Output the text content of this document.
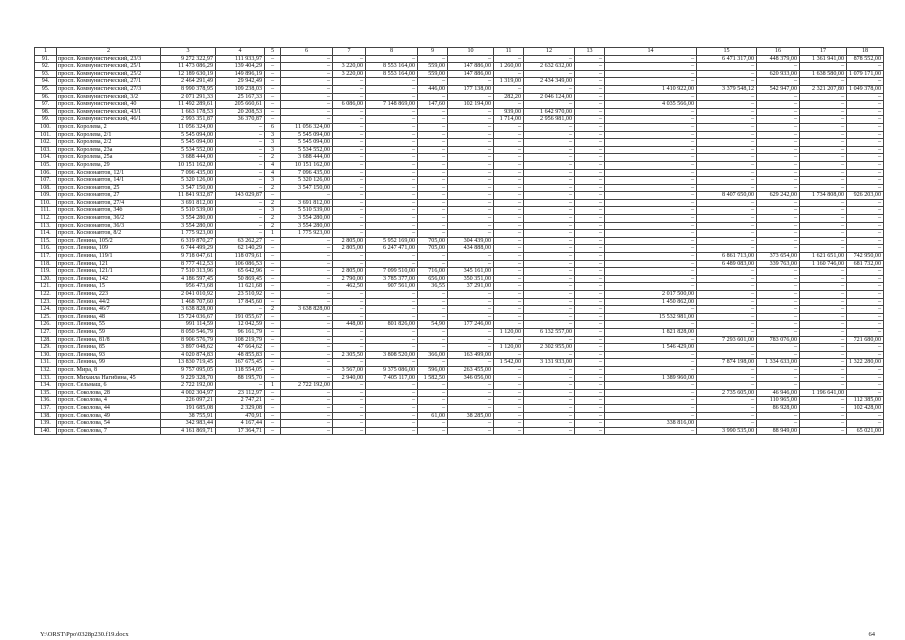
1	2	3	4	5	6	7	8	9	10	11	12	13	14	15	16	17	18
91.	просп. Коммунистический, 23/3	9 272 322,97	111 933,97	–	–	–	–	–	–	–	–	–	–	6 471 317,00	448 379,00	1 361 941,00	878 552,00
92.	просп. Коммунистический, 25/1	11 473 086,29	139 404,29	–	–	3 220,00	8 553 164,00	559,00	147 886,00	1 260,00	2 632 632,00	–	–	–	–	–	–
93.	просп. Коммунистический, 25/2	12 189 630,19	149 896,19	–	–	3 220,00	8 553 164,00	559,00	147 886,00	–	–	–	–	–	620 933,00	1 638 580,00	1 079 171,00
94.	просп. Коммунистический, 27/1	2 464 291,49	29 942,49	–	–	–	–	–	–	1 319,00	2 434 349,00	–	–	–	–	–	–
95.	просп. Коммунистический, 27/3	8 990 378,95	109 238,03	–	–	–	–	446,00	177 138,00	–	–	–	1 410 922,00	3 379 548,12	542 947,00	2 321 207,80	1 049 378,00
96.	просп. Коммунистический, 3/2	2 071 291,33	25 167,33	–	–	–	–	–	–	282,20	2 046 124,00	–	–	–	–	–	–
97.	просп. Коммунистический, 40	11 492 289,61	205 660,61	–	–	6 086,00	7 148 869,00	147,60	102 194,00	–	–	–	4 035 566,00	–	–	–	–
98.	просп. Коммунистический, 43/1	1 663 178,53	20 208,53	–	–	–	–	–	–	939,00	1 642 970,00	–	–	–	–	–	–
99.	просп. Коммунистический, 46/1	2 993 351,87	36 370,87	–	–	–	–	–	–	1 714,00	2 956 981,00	–	–	–	–	–	–
100.	просп. Королева, 2	11 056 324,00	–	6	11 056 324,00	–	–	–	–	–	–	–	–	–	–	–	–
101.	просп. Королева, 2/1	5 545 094,00	–	3	5 545 094,00	–	–	–	–	–	–	–	–	–	–	–	–
102.	просп. Королева, 2/2	5 545 094,00	–	3	5 545 094,00	–	–	–	–	–	–	–	–	–	–	–	–
103.	просп. Королева, 23а	5 534 552,00	–	3	5 534 552,00	–	–	–	–	–	–	–	–	–	–	–	–
104.	просп. Королева, 25а	3 688 444,00	–	2	3 688 444,00	–	–	–	–	–	–	–	–	–	–	–	–
105.	просп. Королева, 29	10 151 162,00	–	4	10 151 162,00	–	–	–	–	–	–	–	–	–	–	–	–
106.	просп. Космонавтов, 12/1	7 096 435,00	–	4	7 096 435,00	–	–	–	–	–	–	–	–	–	–	–	–
107.	просп. Космонавтов, 14/1	5 320 126,00	–	3	5 320 126,00	–	–	–	–	–	–	–	–	–	–	–	–
108.	просп. Космонавтов, 25	3 547 150,00	–	2	3 547 150,00	–	–	–	–	–	–	–	–	–	–	–	–
109.	просп. Космонавтов, 27	11 841 932,87	143 029,87	–	–	–	–	–	–	–	–	–	–	8 407 650,00	629 242,00	1 734 808,00	926 203,00
110.	просп. Космонавтов, 27/4	3 691 812,00	–	2	3 691 812,00	–	–	–	–	–	–	–	–	–	–	–	–
111.	просп. Космонавтов, 34б	5 510 539,00	–	3	5 510 539,00	–	–	–	–	–	–	–	–	–	–	–	–
112.	просп. Космонавтов, 36/2	3 554 280,00	–	2	3 554 280,00	–	–	–	–	–	–	–	–	–	–	–	–
113.	просп. Космонавтов, 36/3	3 554 280,00	–	2	3 554 280,00	–	–	–	–	–	–	–	–	–	–	–	–
114.	просп. Космонавтов, 8/2	1 775 923,00	–	1	1 775 923,00	–	–	–	–	–	–	–	–	–	–	–	–
115.	просп. Ленина, 105/2	6 319 870,27	63 262,27	–	–	2 805,00	5 952 169,00	705,00	304 439,00	–	–	–	–	–	–	–	–
116.	просп. Ленина, 109	6 744 499,29	62 140,29	–	–	2 805,00	6 247 471,00	705,00	434 888,00	–	–	–	–	–	–	–	–
117.	просп. Ленина, 119/1	9 718 047,61	118 079,61	–	–	–	–	–	–	–	–	–	–	6 861 713,00	373 654,00	1 621 651,00	742 950,00
118.	просп. Ленина, 121	8 777 412,53	106 086,53	–	–	–	–	–	–	–	–	–	–	6 489 083,00	339 763,00	1 160 746,00	681 732,00
119.	просп. Ленина, 121/1	7 510 313,96	65 642,96	–	–	2 805,00	7 099 510,00	716,00	345 161,00	–	–	–	–	–	–	–	–
120.	просп. Ленина, 142	4 186 597,45	50 869,45	–	–	2 790,00	3 785 377,00	656,00	350 351,00	–	–	–	–	–	–	–	–
121.	просп. Ленина, 15	956 473,68	11 621,68	–	–	462,50	907 561,00	36,55	37 291,00	–	–	–	–	–	–	–	–
122.	просп. Ленина, 223	2 041 010,92	23 510,92	–	–	–	–	–	–	–	–	–	2 017 500,00	–	–	–	–
123.	просп. Ленина, 44/2	1 468 707,60	17 845,60	–	–	–	–	–	–	–	–	–	1 450 862,00	–	–	–	–
124.	просп. Ленина, 46/7	3 638 828,00	–	2	3 638 828,00	–	–	–	–	–	–	–	–	–	–	–	–
125.	просп. Ленина, 48	15 724 036,67	191 055,67	–	–	–	–	–	–	–	–	–	15 532 981,00	–	–	–	–
126.	просп. Ленина, 55	991 114,59	12 042,59	–	–	448,00	801 826,00	54,90	177 246,00	–	–	–	–	–	–	–	–
127.	просп. Ленина, 59	8 050 546,79	96 161,79	–	–	–	–	–	–	1 120,00	6 132 557,00	–	1 821 828,00	–	–	–	–
128.	просп. Ленина, 81/8	8 906 576,79	108 219,79	–	–	–	–	–	–	–	–	–	–	7 293 601,00	783 076,00	–	721 680,00
129.	просп. Ленина, 85	3 897 048,62	47 664,62	–	–	–	–	–	–	1 120,00	2 302 955,00	–	1 546 429,00	–	–	–	–
130.	просп. Ленина, 93	4 020 874,83	48 855,83	–	–	2 305,50	3 808 520,00	366,00	163 499,00	–	–	–	–	–	–	–	–
131.	просп. Ленина, 99	13 830 719,45	167 675,45	–	–	–	–	–	–	1 542,00	3 131 933,00	–	–	7 874 198,00	1 334 633,00	–	1 322 280,00
132.	просп. Мира, 8	9 757 095,05	118 554,05	–	–	3 567,00	9 375 086,00	596,00	263 455,00	–	–	–	–	–	–	–	–
133.	просп. Михаила Нагибина, 45	9 229 328,70	88 195,70	–	–	2 940,00	7 405 117,00	1 582,50	346 056,00	–	–	–	1 389 960,00	–	–	–	–
134.	просп. Сельмаш, 6	2 722 192,00	–	1	2 722 192,00	–	–	–	–	–	–	–	–	–	–	–	–
135.	просп. Соколова, 28	4 002 304,97	23 112,97	–	–	–	–	–	–	–	–	–	–	2 735 605,00	46 946,00	1 196 641,00	–
136.	просп. Соколова, 4	226 097,21	2 747,21	–	–	–	–	–	–	–	–	–	–	–	110 965,00	–	112 385,00
137.	просп. Соколова, 44	191 685,08	2 329,08	–	–	–	–	–	–	–	–	–	–	–	86 928,00	–	102 428,00
138.	просп. Соколова, 49	38 755,91	470,91	–	–	–	–	61,00	38 285,00	–	–	–	–	–	–	–	–
139.	просп. Соколова, 54	342 983,44	4 167,44	–	–	–	–	–	–	–	–	–	338 816,00	–	–	–	–
140.	просп. Соколова, 7	4 161 869,71	17 364,71	–	–	–	–	–	–	–	–	–	–	3 990 535,00	88 949,00	–	65 021,00
Y:\ORST\Ppo\0328p230.f19.docx	64
